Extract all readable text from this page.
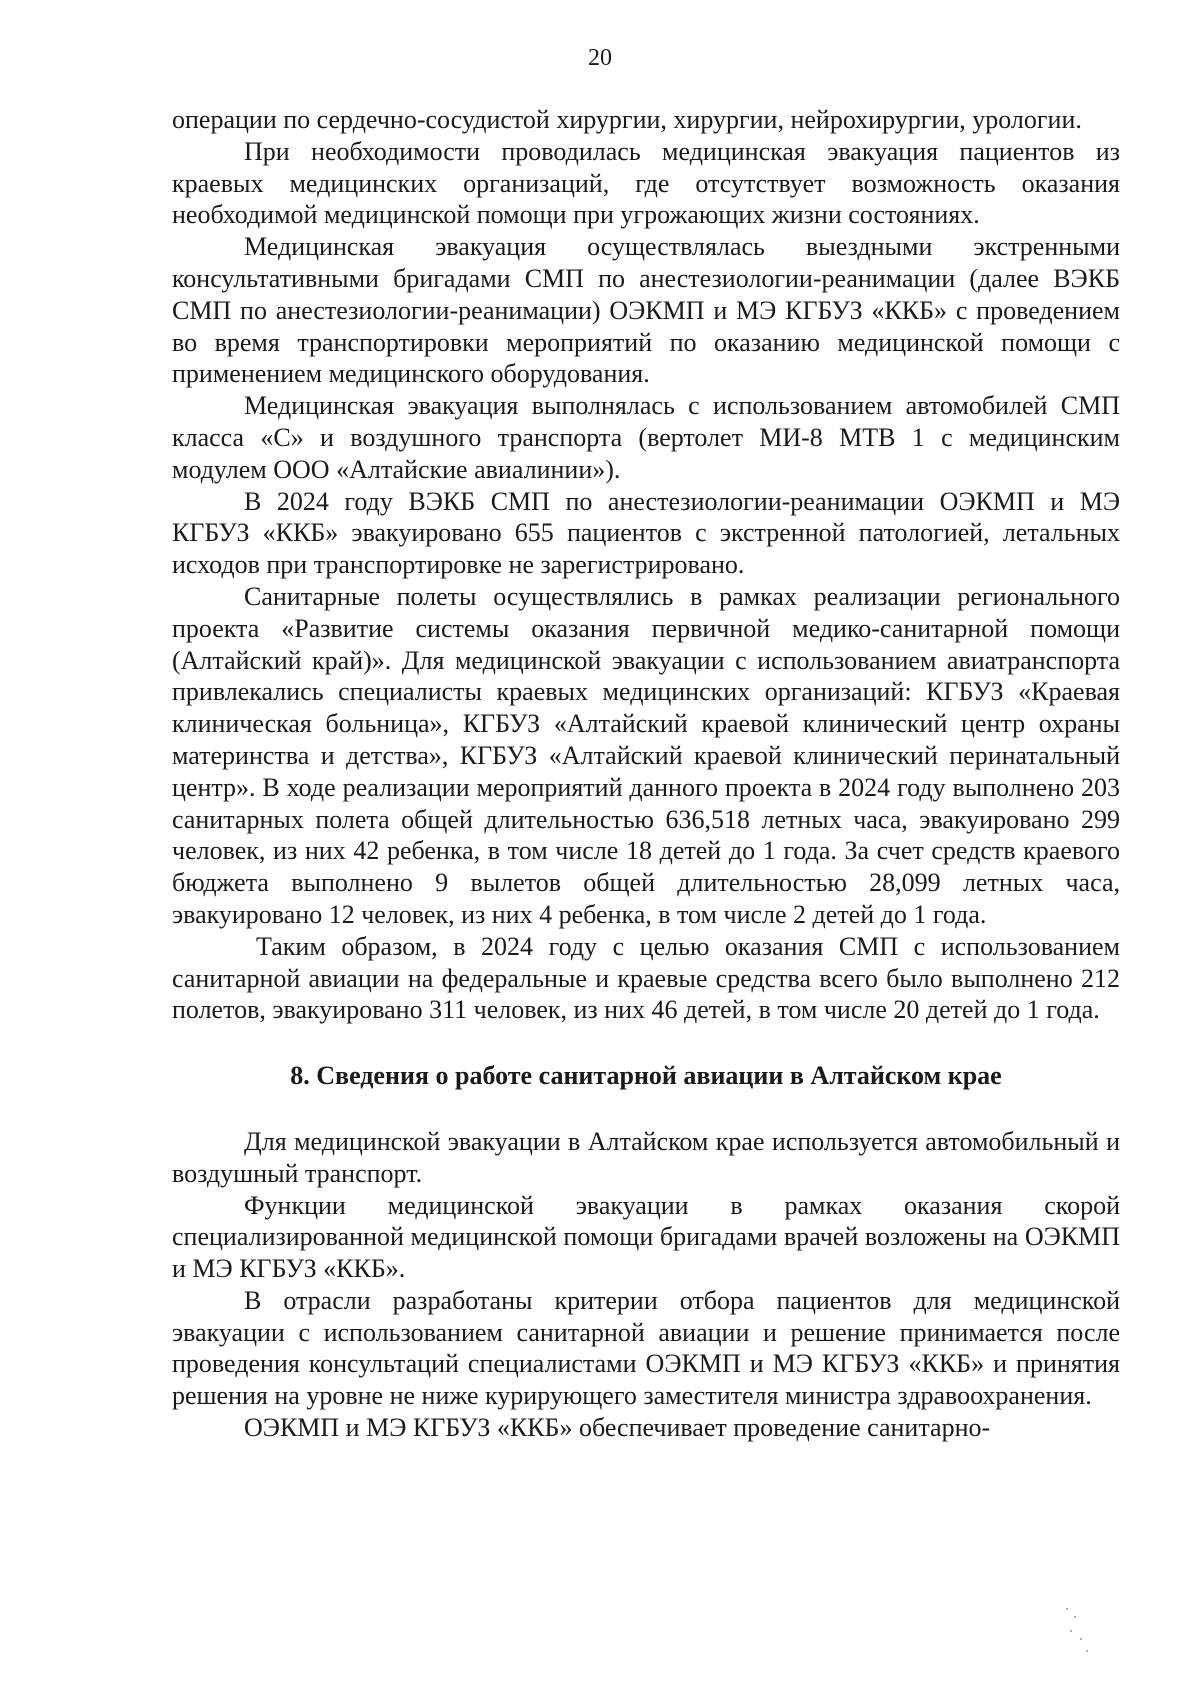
20

операции по сердечно-сосудистой хирургии, хирургии, нейрохирургии, урологии.

При необходимости проводилась медицинская эвакуация пациентов из краевых медицинских организаций, где отсутствует возможность оказания необходимой медицинской помощи при угрожающих жизни состояниях.

Медицинская эвакуация осуществлялась выездными экстренными консультативными бригадами СМП по анестезиологии-реанимации (далее ВЭКБ СМП по анестезиологии-реанимации) ОЭКМП и МЭ КГБУЗ «ККБ» с проведением во время транспортировки мероприятий по оказанию медицинской помощи с применением медицинского оборудования.

Медицинская эвакуация выполнялась с использованием автомобилей СМП класса «С» и воздушного транспорта (вертолет МИ-8 МТВ 1 с медицинским модулем ООО «Алтайские авиалинии»).

В 2024 году ВЭКБ СМП по анестезиологии-реанимации ОЭКМП и МЭ КГБУЗ «ККБ» эвакуировано 655 пациентов с экстренной патологией, летальных исходов при транспортировке не зарегистрировано.

Санитарные полеты осуществлялись в рамках реализации регионального проекта «Развитие системы оказания первичной медико-санитарной помощи (Алтайский край)». Для медицинской эвакуации с использованием авиатранспорта привлекались специалисты краевых медицинских организаций: КГБУЗ «Краевая клиническая больница», КГБУЗ «Алтайский краевой клинический центр охраны материнства и детства», КГБУЗ «Алтайский краевой клинический перинатальный центр». В ходе реализации мероприятий данного проекта в 2024 году выполнено 203 санитарных полета общей длительностью 636,518 летных часа, эвакуировано 299 человек, из них 42 ребенка, в том числе 18 детей до 1 года. За счет средств краевого бюджета выполнено 9 вылетов общей длительностью 28,099 летных часа, эвакуировано 12 человек, из них 4 ребенка, в том числе 2 детей до 1 года.

Таким образом, в 2024 году с целью оказания СМП с использованием санитарной авиации на федеральные и краевые средства всего было выполнено 212 полетов, эвакуировано 311 человек, из них 46 детей, в том числе 20 детей до 1 года.

8. Сведения о работе санитарной авиации в Алтайском крае

Для медицинской эвакуации в Алтайском крае используется автомобильный и воздушный транспорт.

Функции медицинской эвакуации в рамках оказания скорой специализированной медицинской помощи бригадами врачей возложены на ОЭКМП и МЭ КГБУЗ «ККБ».

В отрасли разработаны критерии отбора пациентов для медицинской эвакуации с использованием санитарной авиации и решение принимается после проведения консультаций специалистами ОЭКМП и МЭ КГБУЗ «ККБ» и принятия решения на уровне не ниже курирующего заместителя министра здравоохранения.

ОЭКМП и МЭ КГБУЗ «ККБ» обеспечивает проведение санитарно-
